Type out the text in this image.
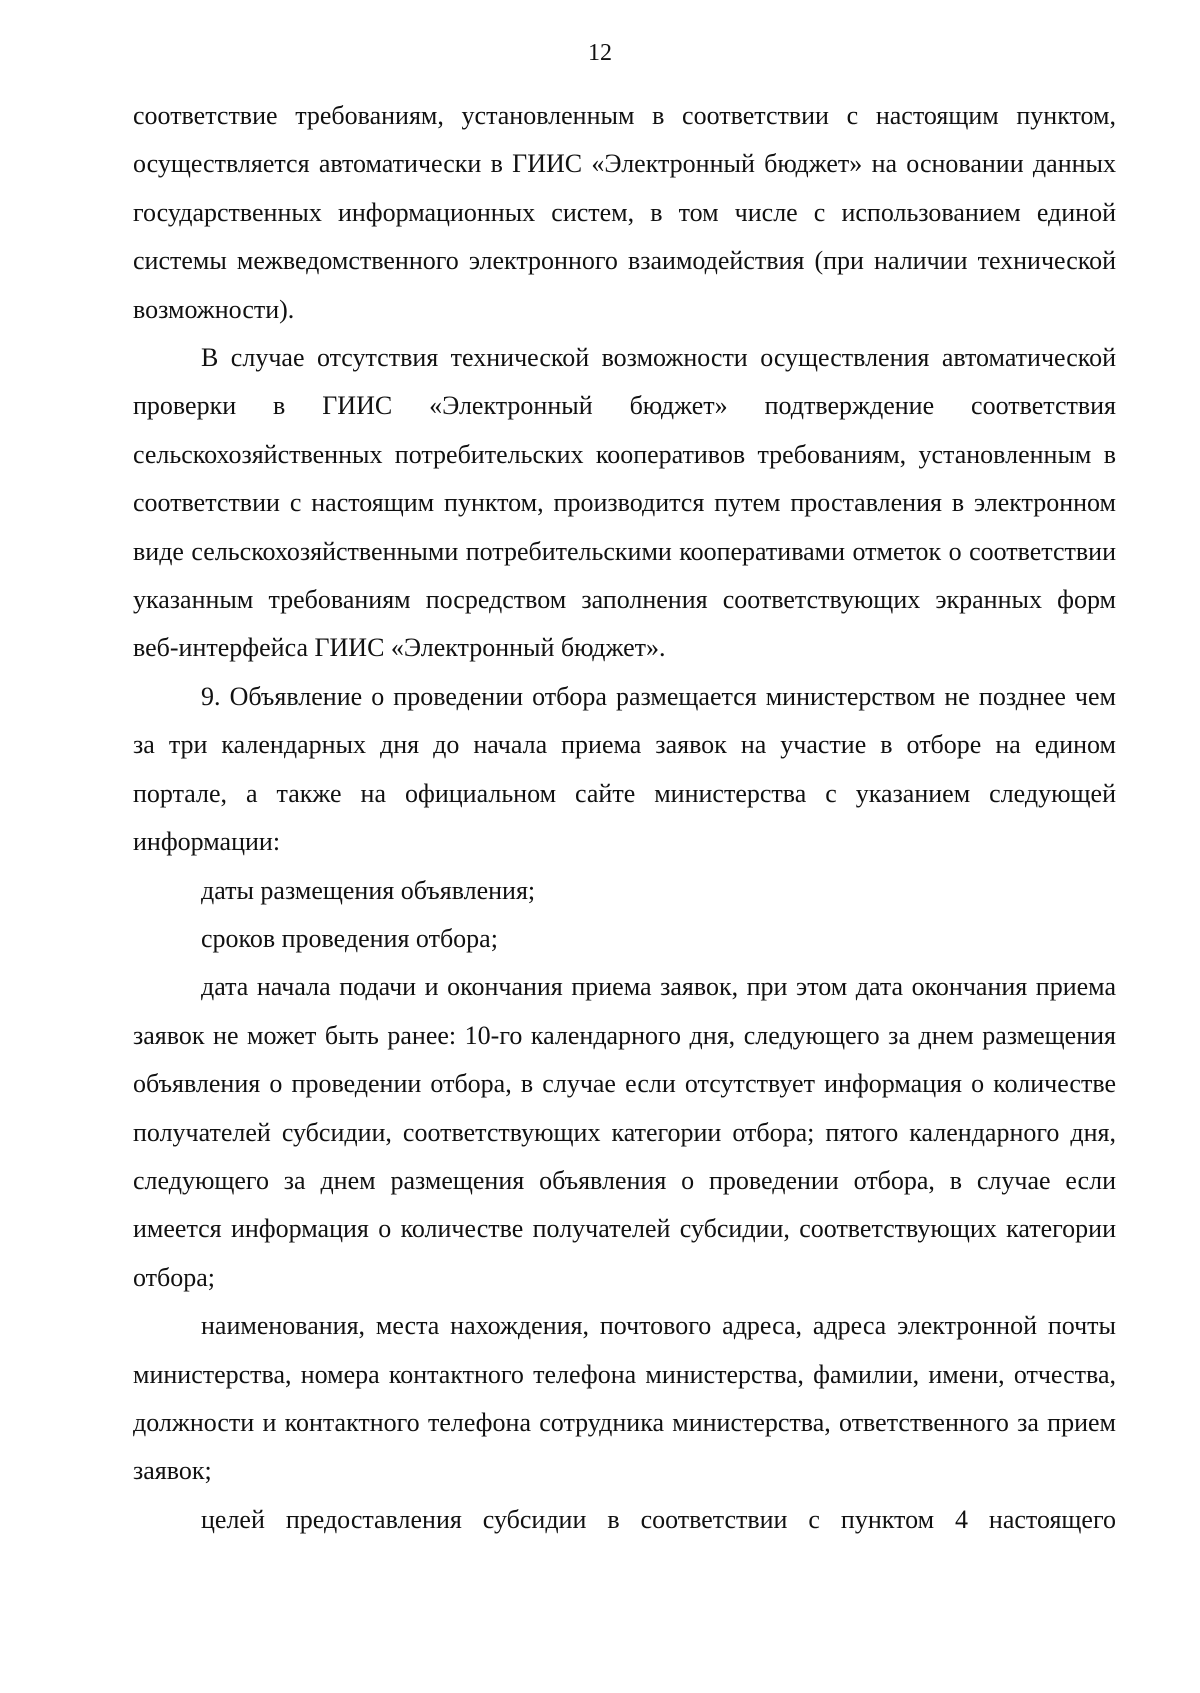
12

соответствие требованиям, установленным в соответствии с настоящим пунктом, осуществляется автоматически в ГИИС «Электронный бюджет» на основании данных государственных информационных систем, в том числе с использованием единой системы межведомственного электронного взаимодействия (при наличии технической возможности).

В случае отсутствия технической возможности осуществления автоматической проверки в ГИИС «Электронный бюджет» подтверждение соответствия сельскохозяйственных потребительских кооперативов требованиям, установленным в соответствии с настоящим пунктом, производится путем проставления в электронном виде сельскохозяйственными потребительскими кооперативами отметок о соответствии указанным требованиям посредством заполнения соответствующих экранных форм веб-интерфейса ГИИС «Электронный бюджет».

9. Объявление о проведении отбора размещается министерством не позднее чем за три календарных дня до начала приема заявок на участие в отборе на едином портале, а также на официальном сайте министерства с указанием следующей информации:

даты размещения объявления;

сроков проведения отбора;

дата начала подачи и окончания приема заявок, при этом дата окончания приема заявок не может быть ранее: 10-го календарного дня, следующего за днем размещения объявления о проведении отбора, в случае если отсутствует информация о количестве получателей субсидии, соответствующих категории отбора; пятого календарного дня, следующего за днем размещения объявления о проведении отбора, в случае если имеется информация о количестве получателей субсидии, соответствующих категории отбора;

наименования, места нахождения, почтового адреса, адреса электронной почты министерства, номера контактного телефона министерства, фамилии, имени, отчества, должности и контактного телефона сотрудника министерства, ответственного за прием заявок;

целей предоставления субсидии в соответствии с пунктом 4 настоящего
